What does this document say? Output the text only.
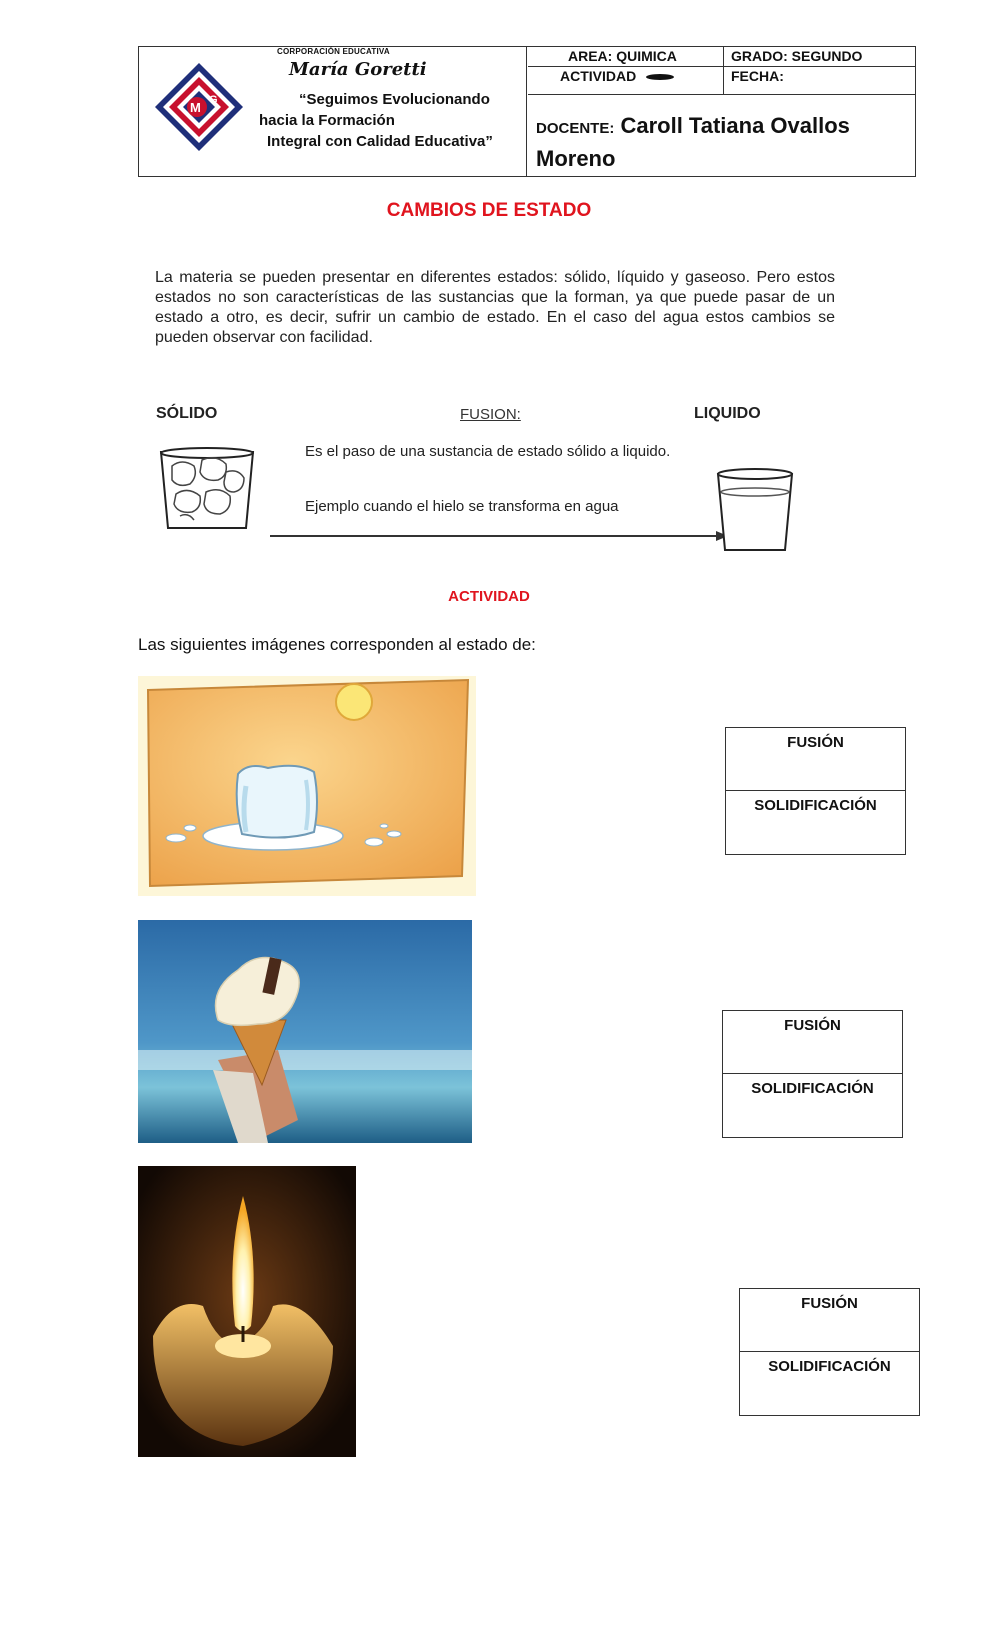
M G
CORPORACIÓN EDUCATIVA
María Goretti
“Seguimos Evolucionando
hacia la Formación
Integral con Calidad Educativa”
AREA: QUIMICA	GRADO: SEGUNDO
ACTIVIDAD	FECHA:
DOCENTE: Caroll Tatiana Ovallos
Moreno
CAMBIOS DE ESTADO
La materia se pueden presentar en diferentes estados: sólido, líquido y gaseoso. Pero estos estados no son características de las sustancias que la forman, ya que puede pasar de un estado a otro, es decir, sufrir un cambio de estado. En el caso del agua estos cambios se pueden observar con facilidad.
SÓLIDO	FUSION:	LIQUIDO
Es el paso de una sustancia de estado sólido a liquido.
Ejemplo cuando el hielo se transforma en agua
ACTIVIDAD
Las siguientes imágenes corresponden al estado de:
FUSIÓN
SOLIDIFICACIÓN
FUSIÓN
SOLIDIFICACIÓN
FUSIÓN
SOLIDIFICACIÓN
